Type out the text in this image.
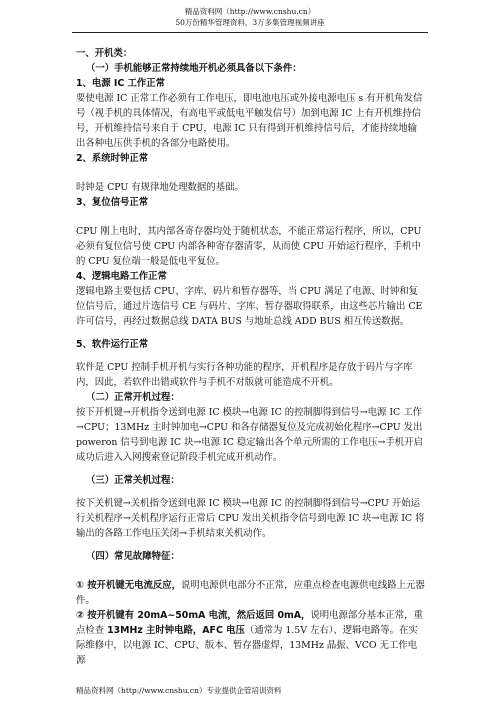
精品资料网（http://www.cnshu.cn）
50万份精华管理资料，3万多集管理视频讲座

一、开机类：

（一）手机能够正常持续地开机必须具备以下条件：

1、电源 IC 工作正常

要使电源 IC 正常工作必须有工作电压，即电池电压或外接电源电压 s 有开机角发信号（视手机的具体情况，有高电平或低电平触发信号）加到电源 IC 上有开机维持信号，开机维持信号来自于 CPU，电源 IC 只有得到开机维持信号后，才能持续地输出各种电压供手机的各部分电路使用。

2、系统时钟正常

时钟是 CPU 有规律地处理数据的基础。

3、复位信号正常

CPU 刚上电时，其内部各寄存器均处于随机状态，不能正常运行程序，所以，CPU 必须有复位信号使 CPU 内部各种寄存器清零，从而使 CPU 开始运行程序，手机中的 CPU 复位端一般是低电平复位。

4、逻辑电路工作正常

逻辑电路主要包括 CPU、字库、码片和暂存器等，当 CPU 满足了电源、时钟和复位信号后，通过片选信号 CE 与码片、字库、暂存器取得联系，由这些芯片输出 CE 许可信号，再经过数据总线 DATA BUS 与地址总线 ADD BUS 相互传送数据。

5、软件运行正常

软件是 CPU 控制手机开机与实行各种功能的程序，开机程序是存放于码片与字库内，因此，若软件出错或软件与手机不对版就可能造成不开机。

（二）正常开机过程：

按下开机键→开机指令送到电源 IC 模块→电源 IC 的控制脚得到信号→电源 IC 工作→CPU；13MHz 主时钟加电→CPU 和各存储器复位及完成初始化程序→CPU 发出 poweron 信号到电源 IC 块→电源 IC 稳定输出各个单元所需的工作电压→手机开启成功后进入入网搜索登记阶段手机完成开机动作。

（三）正常关机过程：

按下关机键→关机指令送到电源 IC 模块→电源 IC 的控制脚得到信号→CPU 开始运行关机程序→关机程序运行正常后 CPU 发出关机指令信号到电源 IC 块→电源 IC 将输出的各路工作电压关闭→手机结束关机动作。

（四）常见故障特征：

① 按开机键无电流反应，说明电源供电部分不正常，应重点检查电源供电线路上元器件。

② 按开机键有 20mA~50mA 电流，然后返回 0mA，说明电源部分基本正常，重点检查 13MHz 主时钟电路，AFC 电压（通常为 1.5V 左右）、逻辑电路等。在实际维修中，以电源 IC、CPU、版本、暂存器虚焊，13MHz 晶振、VCO 无工作电源

精品资料网（http://www.cnshu.cn）专业提供企管培训资料
